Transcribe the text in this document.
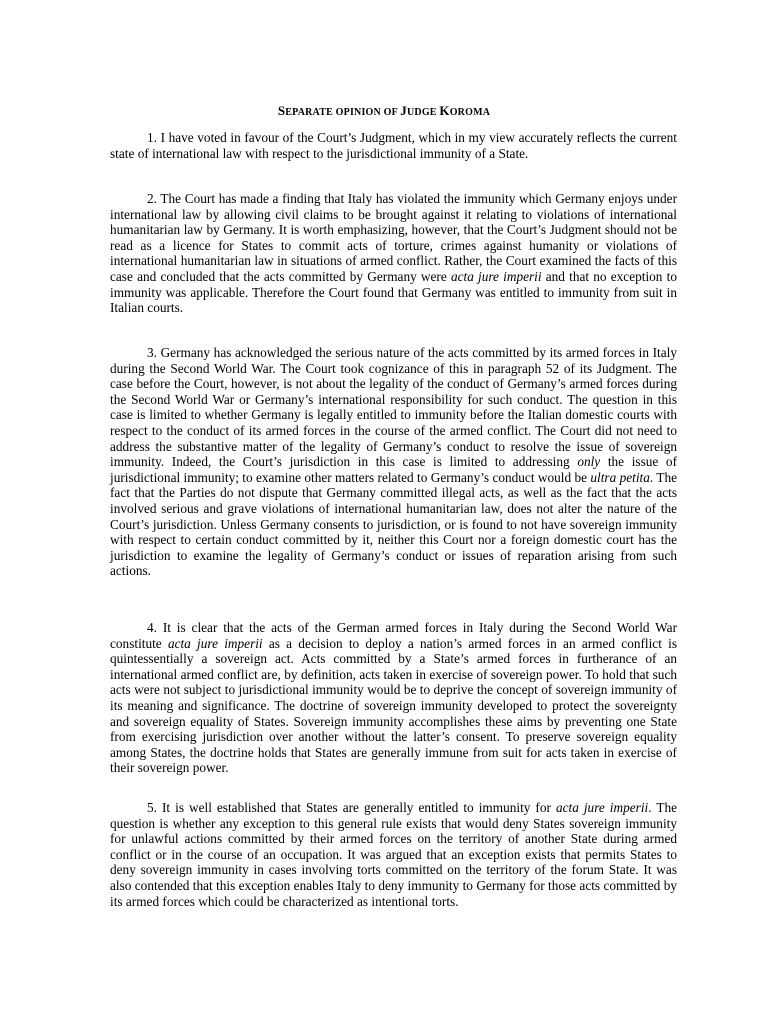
SEPARATE OPINION OF JUDGE KOROMA

1. I have voted in favour of the Court’s Judgment, which in my view accurately reflects the current state of international law with respect to the jurisdictional immunity of a State.

2. The Court has made a finding that Italy has violated the immunity which Germany enjoys under international law by allowing civil claims to be brought against it relating to violations of international humanitarian law by Germany. It is worth emphasizing, however, that the Court’s Judgment should not be read as a licence for States to commit acts of torture, crimes against humanity or violations of international humanitarian law in situations of armed conflict. Rather, the Court examined the facts of this case and concluded that the acts committed by Germany were acta jure imperii and that no exception to immunity was applicable. Therefore the Court found that Germany was entitled to immunity from suit in Italian courts.

3. Germany has acknowledged the serious nature of the acts committed by its armed forces in Italy during the Second World War. The Court took cognizance of this in paragraph 52 of its Judgment. The case before the Court, however, is not about the legality of the conduct of Germany’s armed forces during the Second World War or Germany’s international responsibility for such conduct. The question in this case is limited to whether Germany is legally entitled to immunity before the Italian domestic courts with respect to the conduct of its armed forces in the course of the armed conflict. The Court did not need to address the substantive matter of the legality of Germany’s conduct to resolve the issue of sovereign immunity. Indeed, the Court’s jurisdiction in this case is limited to addressing only the issue of jurisdictional immunity; to examine other matters related to Germany’s conduct would be ultra petita. The fact that the Parties do not dispute that Germany committed illegal acts, as well as the fact that the acts involved serious and grave violations of international humanitarian law, does not alter the nature of the Court’s jurisdiction. Unless Germany consents to jurisdiction, or is found to not have sovereign immunity with respect to certain conduct committed by it, neither this Court nor a foreign domestic court has the jurisdiction to examine the legality of Germany’s conduct or issues of reparation arising from such actions.

4. It is clear that the acts of the German armed forces in Italy during the Second World War constitute acta jure imperii as a decision to deploy a nation’s armed forces in an armed conflict is quintessentially a sovereign act. Acts committed by a State’s armed forces in furtherance of an international armed conflict are, by definition, acts taken in exercise of sovereign power. To hold that such acts were not subject to jurisdictional immunity would be to deprive the concept of sovereign immunity of its meaning and significance. The doctrine of sovereign immunity developed to protect the sovereignty and sovereign equality of States. Sovereign immunity accomplishes these aims by preventing one State from exercising jurisdiction over another without the latter’s consent. To preserve sovereign equality among States, the doctrine holds that States are generally immune from suit for acts taken in exercise of their sovereign power.

5. It is well established that States are generally entitled to immunity for acta jure imperii. The question is whether any exception to this general rule exists that would deny States sovereign immunity for unlawful actions committed by their armed forces on the territory of another State during armed conflict or in the course of an occupation. It was argued that an exception exists that permits States to deny sovereign immunity in cases involving torts committed on the territory of the forum State. It was also contended that this exception enables Italy to deny immunity to Germany for those acts committed by its armed forces which could be characterized as intentional torts.
